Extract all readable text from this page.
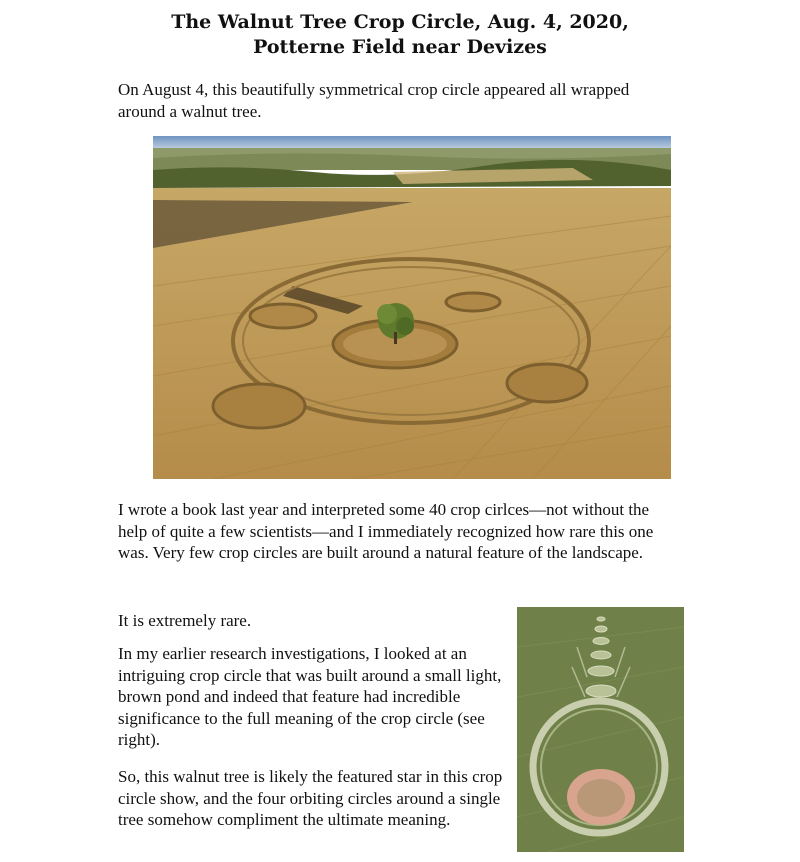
The Walnut Tree Crop Circle, Aug. 4, 2020,
Potterne Field near Devizes

On August 4, this beautifully symmetrical crop circle appeared all wrapped around a walnut tree.

I wrote a book last year and interpreted some 40 crop cirlces—not without the help of quite a few scientists—and I immediately recognized how rare this one was. Very few crop circles are built around a natural feature of the landscape.

It is extremely rare.

In my earlier research investigations, I looked at an intriguing crop circle that was built around a small light, brown pond and indeed that feature had incredible significance to the full meaning of the crop circle (see right).

So, this walnut tree is likely the featured star in this crop circle show, and the four orbiting circles around a single tree somehow compliment the ultimate meaning.
